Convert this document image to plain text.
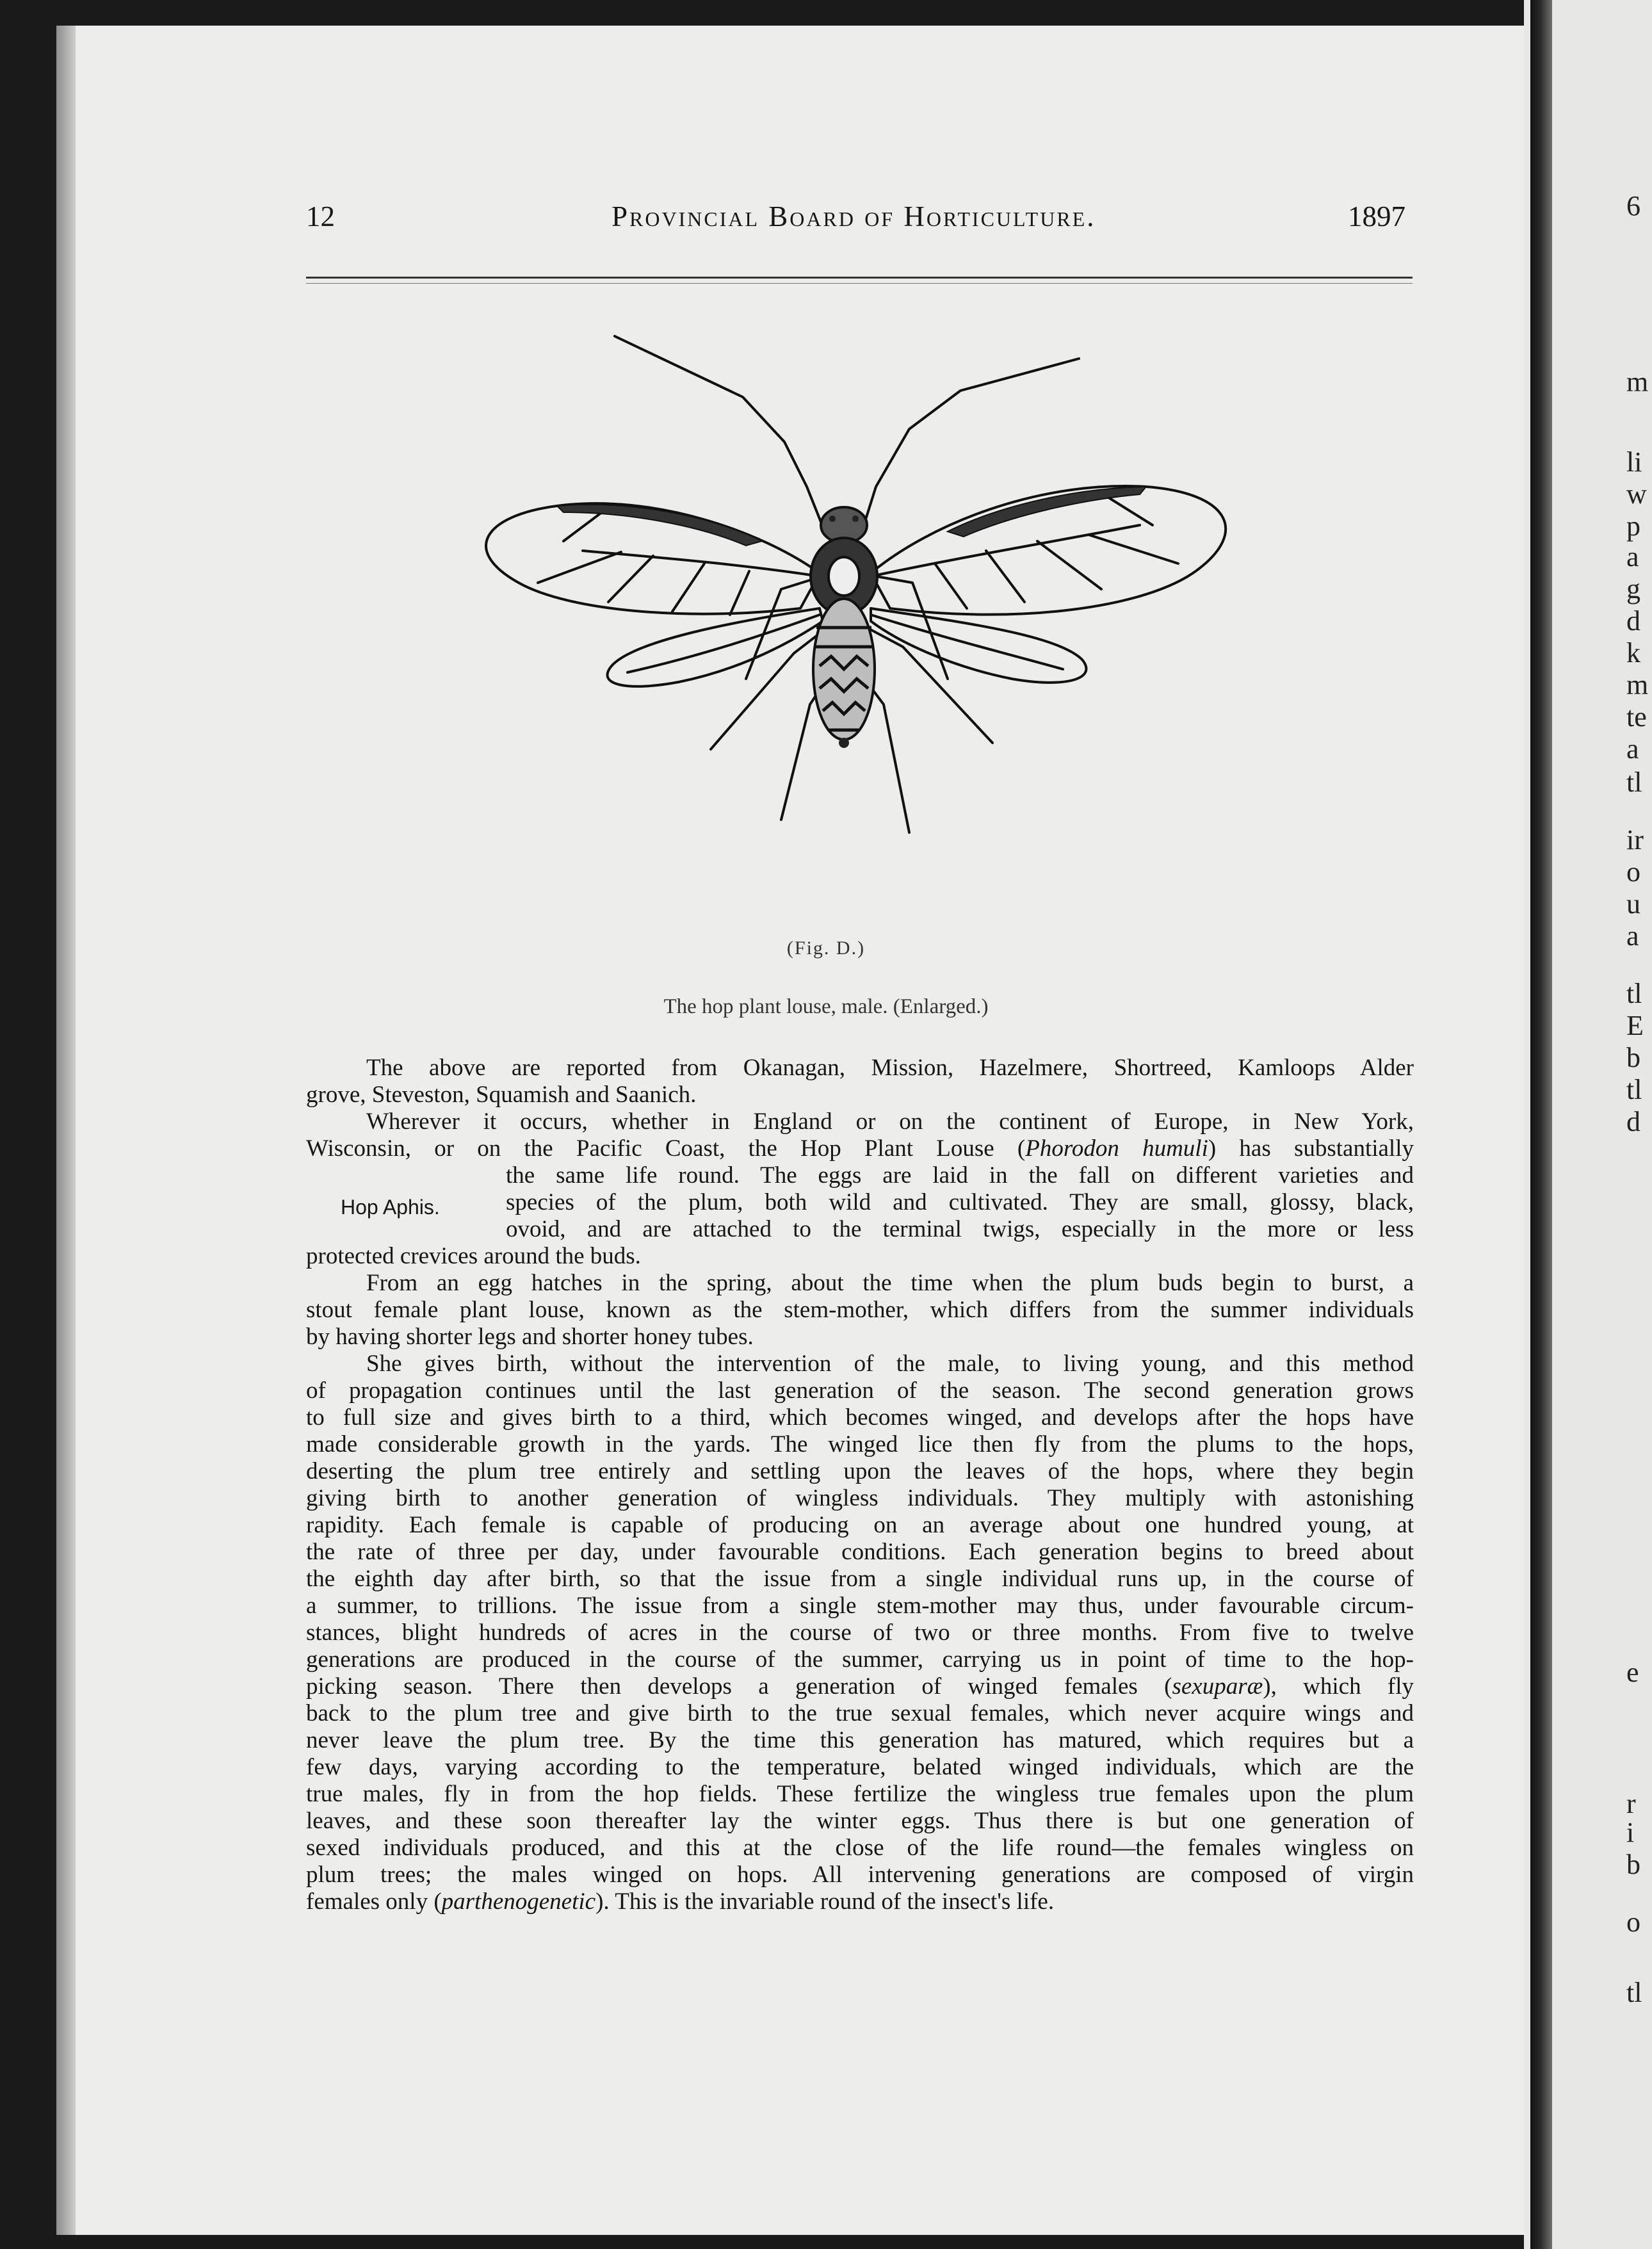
6
m
li
w
p
a
g
d
k
m
te
a
tl
ir
o
u
a
tl
E
b
tl
d
e
r
i
b
o
tl
12	Provincial Board of Horticulture.	1897
(Fig. D.)
The hop plant louse, male. (Enlarged.)
Hop Aphis.
The above are reported from Okanagan, Mission, Hazelmere, Shortreed, Kamloops Alder
grove, Steveston, Squamish and Saanich.
Wherever it occurs, whether in England or on the continent of Europe, in New York,
Wisconsin, or on the Pacific Coast, the Hop Plant Louse (Phorodon humuli) has substantially
the same life round. The eggs are laid in the fall on different varieties and
species of the plum, both wild and cultivated. They are small, glossy, black,
ovoid, and are attached to the terminal twigs, especially in the more or less
protected crevices around the buds.
From an egg hatches in the spring, about the time when the plum buds begin to burst, a
stout female plant louse, known as the stem-mother, which differs from the summer individuals
by having shorter legs and shorter honey tubes.
She gives birth, without the intervention of the male, to living young, and this method
of propagation continues until the last generation of the season. The second generation grows
to full size and gives birth to a third, which becomes winged, and develops after the hops have
made considerable growth in the yards. The winged lice then fly from the plums to the hops,
deserting the plum tree entirely and settling upon the leaves of the hops, where they begin
giving birth to another generation of wingless individuals. They multiply with astonishing
rapidity. Each female is capable of producing on an average about one hundred young, at
the rate of three per day, under favourable conditions. Each generation begins to breed about
the eighth day after birth, so that the issue from a single individual runs up, in the course of
a summer, to trillions. The issue from a single stem-mother may thus, under favourable circum-
stances, blight hundreds of acres in the course of two or three months. From five to twelve
generations are produced in the course of the summer, carrying us in point of time to the hop-
picking season. There then develops a generation of winged females (sexuparæ), which fly
back to the plum tree and give birth to the true sexual females, which never acquire wings and
never leave the plum tree. By the time this generation has matured, which requires but a
few days, varying according to the temperature, belated winged individuals, which are the
true males, fly in from the hop fields. These fertilize the wingless true females upon the plum
leaves, and these soon thereafter lay the winter eggs. Thus there is but one generation of
sexed individuals produced, and this at the close of the life round—the females wingless on
plum trees; the males winged on hops. All intervening generations are composed of virgin
females only (parthenogenetic). This is the invariable round of the insect's life.
